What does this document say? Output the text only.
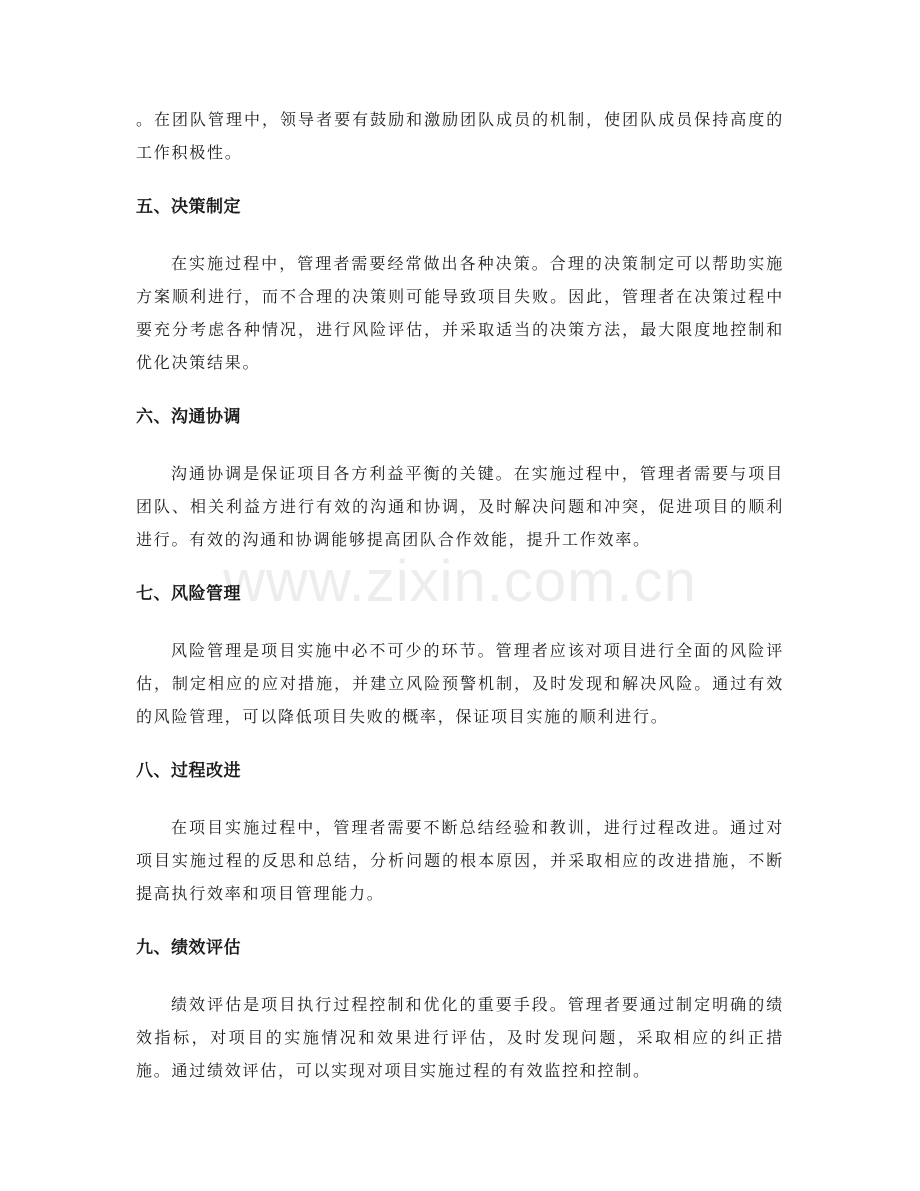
www.zixin.com.cn

。在团队管理中，领导者要有鼓励和激励团队成员的机制，使团队成员保持高度的工作积极性。

五、决策制定

在实施过程中，管理者需要经常做出各种决策。合理的决策制定可以帮助实施方案顺利进行，而不合理的决策则可能导致项目失败。因此，管理者在决策过程中要充分考虑各种情况，进行风险评估，并采取适当的决策方法，最大限度地控制和优化决策结果。

六、沟通协调

沟通协调是保证项目各方利益平衡的关键。在实施过程中，管理者需要与项目团队、相关利益方进行有效的沟通和协调，及时解决问题和冲突，促进项目的顺利进行。有效的沟通和协调能够提高团队合作效能，提升工作效率。

七、风险管理

风险管理是项目实施中必不可少的环节。管理者应该对项目进行全面的风险评估，制定相应的应对措施，并建立风险预警机制，及时发现和解决风险。通过有效的风险管理，可以降低项目失败的概率，保证项目实施的顺利进行。

八、过程改进

在项目实施过程中，管理者需要不断总结经验和教训，进行过程改进。通过对项目实施过程的反思和总结，分析问题的根本原因，并采取相应的改进措施，不断提高执行效率和项目管理能力。

九、绩效评估

绩效评估是项目执行过程控制和优化的重要手段。管理者要通过制定明确的绩效指标，对项目的实施情况和效果进行评估，及时发现问题，采取相应的纠正措施。通过绩效评估，可以实现对项目实施过程的有效监控和控制。
